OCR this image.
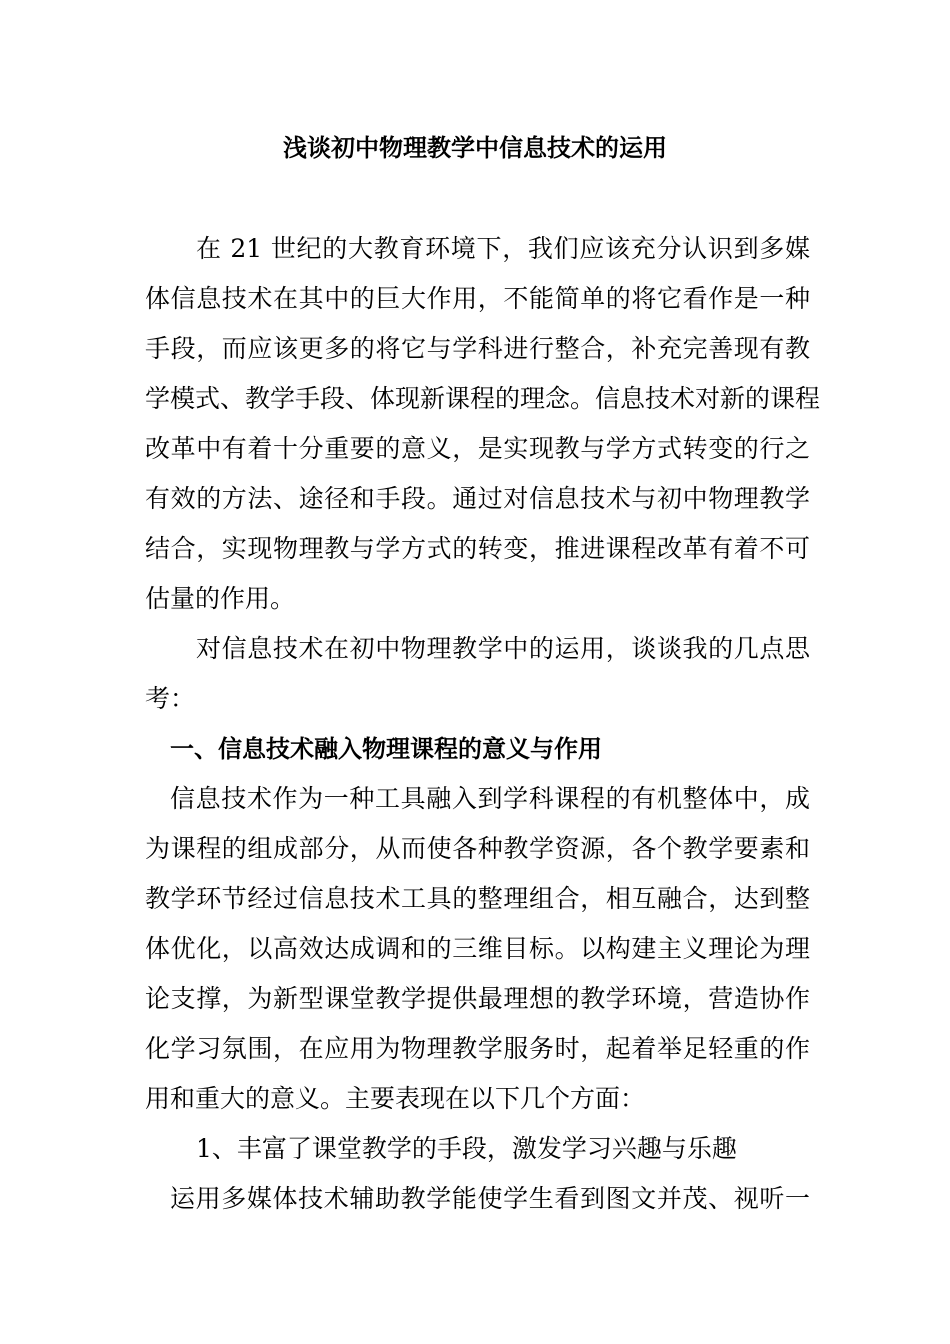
浅谈初中物理教学中信息技术的运用
在 21 世纪的大教育环境下，我们应该充分认识到多媒
体信息技术在其中的巨大作用，不能简单的将它看作是一种
手段，而应该更多的将它与学科进行整合，补充完善现有教
学模式、教学手段、体现新课程的理念。信息技术对新的课程
改革中有着十分重要的意义，是实现教与学方式转变的行之
有效的方法、途径和手段。通过对信息技术与初中物理教学
结合，实现物理教与学方式的转变，推进课程改革有着不可
估量的作用。
对信息技术在初中物理教学中的运用，谈谈我的几点思
考：
一、信息技术融入物理课程的意义与作用
信息技术作为一种工具融入到学科课程的有机整体中，成
为课程的组成部分，从而使各种教学资源，各个教学要素和
教学环节经过信息技术工具的整理组合，相互融合，达到整
体优化，以高效达成调和的三维目标。以构建主义理论为理
论支撑，为新型课堂教学提供最理想的教学环境，营造协作
化学习氛围，在应用为物理教学服务时，起着举足轻重的作
用和重大的意义。主要表现在以下几个方面：
1、丰富了课堂教学的手段，激发学习兴趣与乐趣
运用多媒体技术辅助教学能使学生看到图文并茂、视听一
